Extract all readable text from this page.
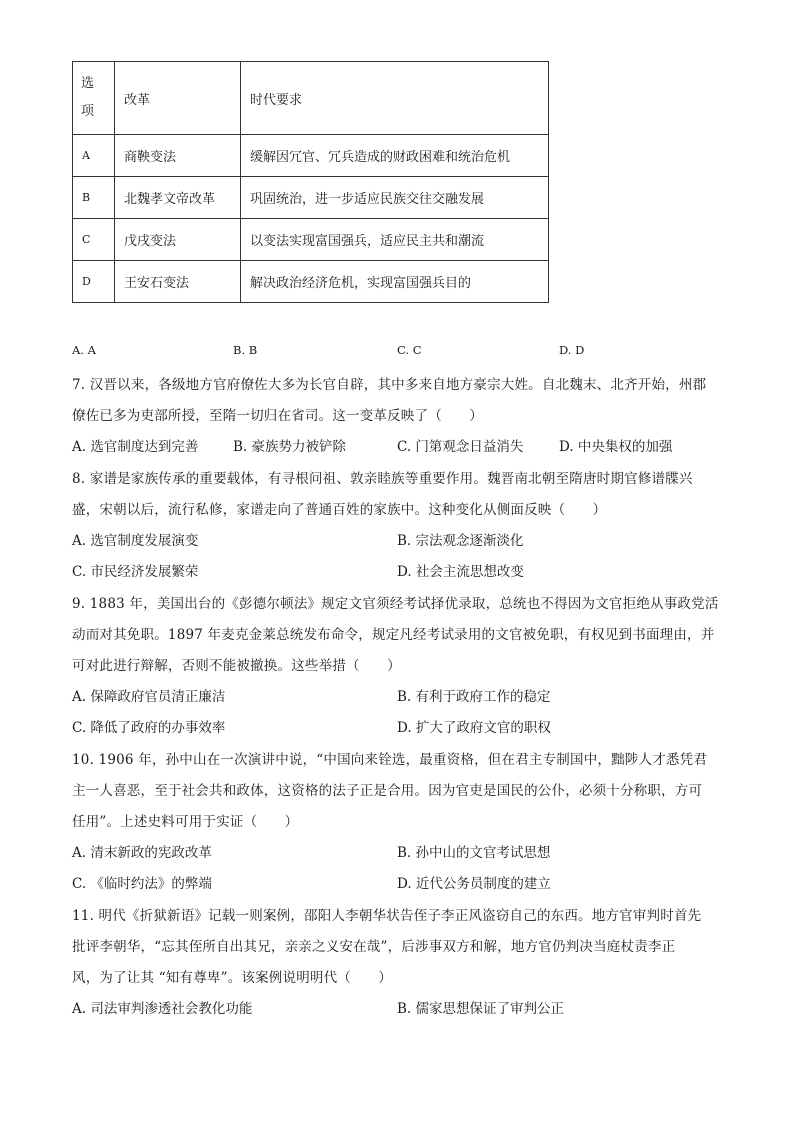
选
项	改革	时代要求
A	商鞅变法	缓解因冗官、冗兵造成的财政困难和统治危机
B	北魏孝文帝改革	巩固统治，进一步适应民族交往交融发展
C	戊戌变法	以变法实现富国强兵，适应民主共和潮流
D	王安石变法	解决政治经济危机，实现富国强兵目的
A. A	B. B	C. C	D. D
7. 汉晋以来，各级地方官府僚佐大多为长官自辟，其中多来自地方豪宗大姓。自北魏末、北齐开始，州郡
僚佐已多为吏部所授，至隋一切归在省司。这一变革反映了（　　）
A. 选官制度达到完善	B. 豪族势力被铲除	C. 门第观念日益消失	D. 中央集权的加强
8. 家谱是家族传承的重要载体，有寻根问祖、敦亲睦族等重要作用。魏晋南北朝至隋唐时期官修谱牒兴
盛，宋朝以后，流行私修，家谱走向了普通百姓的家族中。这种变化从侧面反映（　　）
A. 选官制度发展演变	B. 宗法观念逐渐淡化
C. 市民经济发展繁荣	D. 社会主流思想改变
9. 1883 年，美国出台的《彭德尔顿法》规定文官须经考试择优录取，总统也不得因为文官拒绝从事政党活
动而对其免职。1897 年麦克金莱总统发布命令，规定凡经考试录用的文官被免职，有权见到书面理由，并
可对此进行辩解，否则不能被撤换。这些举措（　　）
A. 保障政府官员清正廉洁	B. 有利于政府工作的稳定
C. 降低了政府的办事效率	D. 扩大了政府文官的职权
10. 1906 年，孙中山在一次演讲中说，“中国向来铨选，最重资格，但在君主专制国中，黜陟人才悉凭君
主一人喜恶，至于社会共和政体，这资格的法子正是合用。因为官吏是国民的公仆，必须十分称职，方可
任用”。上述史料可用于实证（　　）
A. 清末新政的宪政改革	B. 孙中山的文官考试思想
C. 《临时约法》的弊端	D. 近代公务员制度的建立
11. 明代《折狱新语》记载一则案例，邵阳人李朝华状告侄子李正风盗窃自己的东西。地方官审判时首先
批评李朝华，“忘其侄所自出其兄，亲亲之义安在哉”，后涉事双方和解，地方官仍判决当庭杖责李正
风，为了让其 “知有尊卑”。该案例说明明代（　　）
A. 司法审判渗透社会教化功能	B. 儒家思想保证了审判公正
